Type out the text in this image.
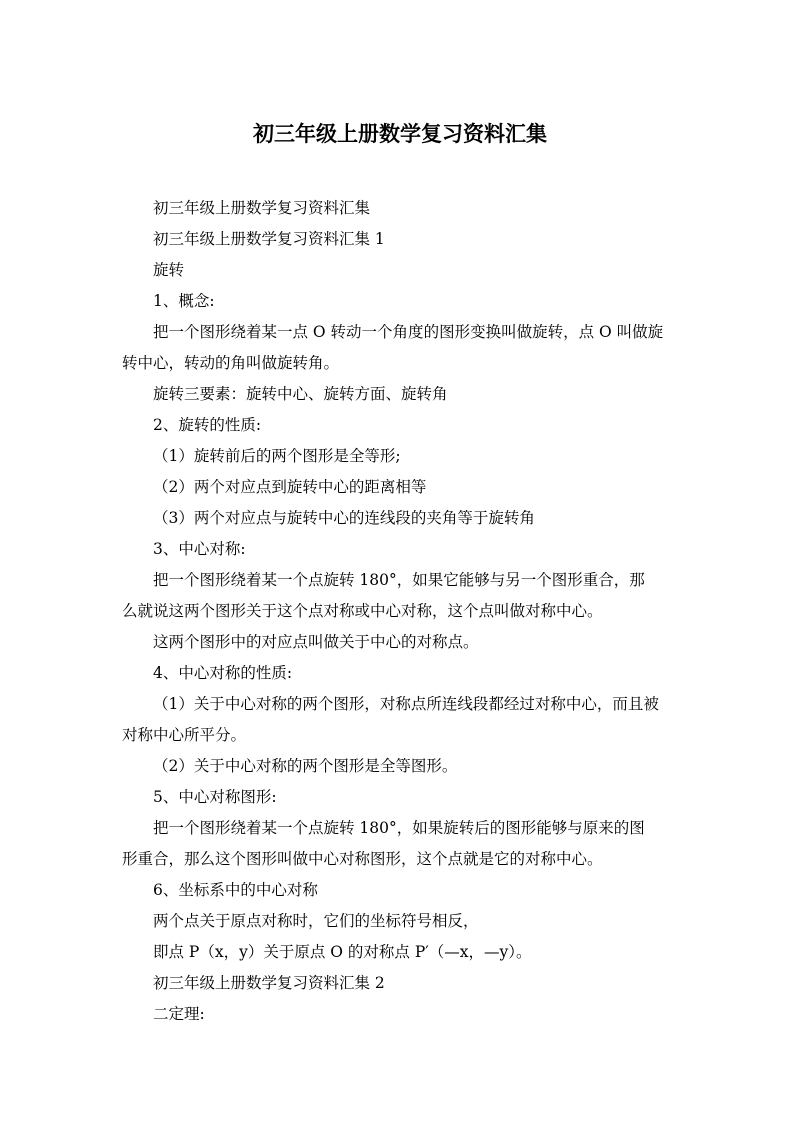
初三年级上册数学复习资料汇集

初三年级上册数学复习资料汇集

初三年级上册数学复习资料汇集 1

旋转

1、概念:

把一个图形绕着某一点 O 转动一个角度的图形变换叫做旋转，点 O 叫做旋

转中心，转动的角叫做旋转角。

旋转三要素：旋转中心、旋转方面、旋转角

2、旋转的性质:

（1）旋转前后的两个图形是全等形;

（2）两个对应点到旋转中心的距离相等

（3）两个对应点与旋转中心的连线段的夹角等于旋转角

3、中心对称:

把一个图形绕着某一个点旋转 180°，如果它能够与另一个图形重合，那

么就说这两个图形关于这个点对称或中心对称，这个点叫做对称中心。

这两个图形中的对应点叫做关于中心的对称点。

4、中心对称的性质:

（1）关于中心对称的两个图形，对称点所连线段都经过对称中心，而且被

对称中心所平分。

（2）关于中心对称的两个图形是全等图形。

5、中心对称图形:

把一个图形绕着某一个点旋转 180°，如果旋转后的图形能够与原来的图

形重合，那么这个图形叫做中心对称图形，这个点就是它的对称中心。

6、坐标系中的中心对称

两个点关于原点对称时，它们的坐标符号相反，

即点 P（x，y）关于原点 O 的对称点 P′（—x，—y）。

初三年级上册数学复习资料汇集 2

二定理:
